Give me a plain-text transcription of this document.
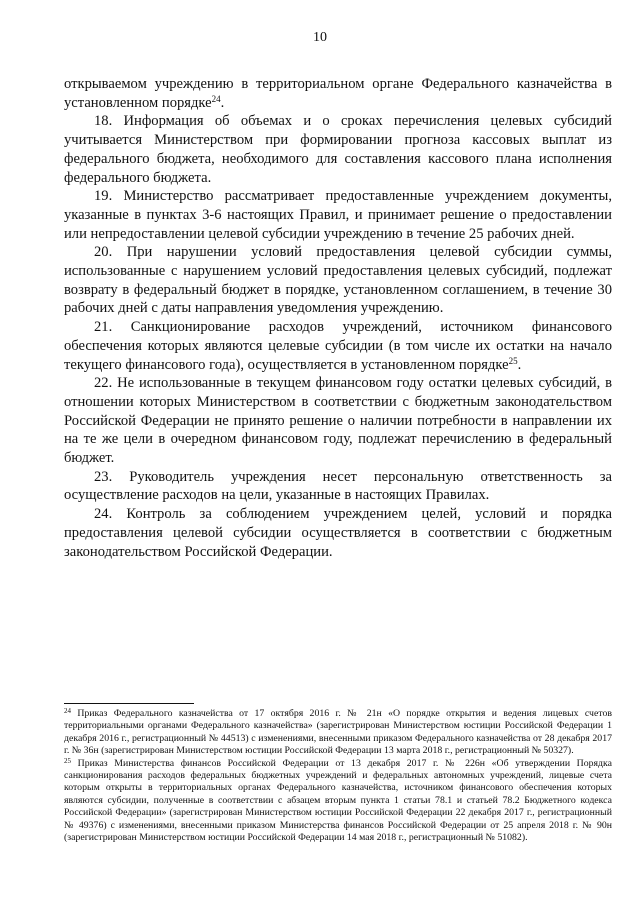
10

открываемом учреждению в территориальном органе Федерального казначейства в установленном порядке$^{24}$.

18. Информация об объемах и о сроках перечисления целевых субсидий учитывается Министерством при формировании прогноза кассовых выплат из федерального бюджета, необходимого для составления кассового плана исполнения федерального бюджета.

19. Министерство рассматривает предоставленные учреждением документы, указанные в пунктах 3-6 настоящих Правил, и принимает решение о предоставлении или непредоставлении целевой субсидии учреждению в течение 25 рабочих дней.

20. При нарушении условий предоставления целевой субсидии суммы, использованные с нарушением условий предоставления целевых субсидий, подлежат возврату в федеральный бюджет в порядке, установленном соглашением, в течение 30 рабочих дней с даты направления уведомления учреждению.

21. Санкционирование расходов учреждений, источником финансового обеспечения которых являются целевые субсидии (в том числе их остатки на начало текущего финансового года), осуществляется в установленном порядке$^{25}$.

22. Не использованные в текущем финансовом году остатки целевых субсидий, в отношении которых Министерством в соответствии с бюджетным законодательством Российской Федерации не принято решение о наличии потребности в направлении их на те же цели в очередном финансовом году, подлежат перечислению в федеральный бюджет.

23. Руководитель учреждения несет персональную ответственность за осуществление расходов на цели, указанные в настоящих Правилах.

24. Контроль за соблюдением учреждением целей, условий и порядка предоставления целевой субсидии осуществляется в соответствии с бюджетным законодательством Российской Федерации.

$^{24}$ Приказ Федерального казначейства от 17 октября 2016 г. № 21н «О порядке открытия и ведения лицевых счетов территориальными органами Федерального казначейства» (зарегистрирован Министерством юстиции Российской Федерации 1 декабря 2016 г., регистрационный № 44513) с изменениями, внесенными приказом Федерального казначейства от 28 декабря 2017 г. № 36н (зарегистрирован Министерством юстиции Российской Федерации 13 марта 2018 г., регистрационный № 50327).

$^{25}$ Приказ Министерства финансов Российской Федерации от 13 декабря 2017 г. № 226н «Об утверждении Порядка санкционирования расходов федеральных бюджетных учреждений и федеральных автономных учреждений, лицевые счета которым открыты в территориальных органах Федерального казначейства, источником финансового обеспечения которых являются субсидии, полученные в соответствии с абзацем вторым пункта 1 статьи 78.1 и статьей 78.2 Бюджетного кодекса Российской Федерации» (зарегистрирован Министерством юстиции Российской Федерации 22 декабря 2017 г., регистрационный № 49376) с изменениями, внесенными приказом Министерства финансов Российской Федерации от 25 апреля 2018 г. № 90н (зарегистрирован Министерством юстиции Российской Федерации 14 мая 2018 г., регистрационный № 51082).
